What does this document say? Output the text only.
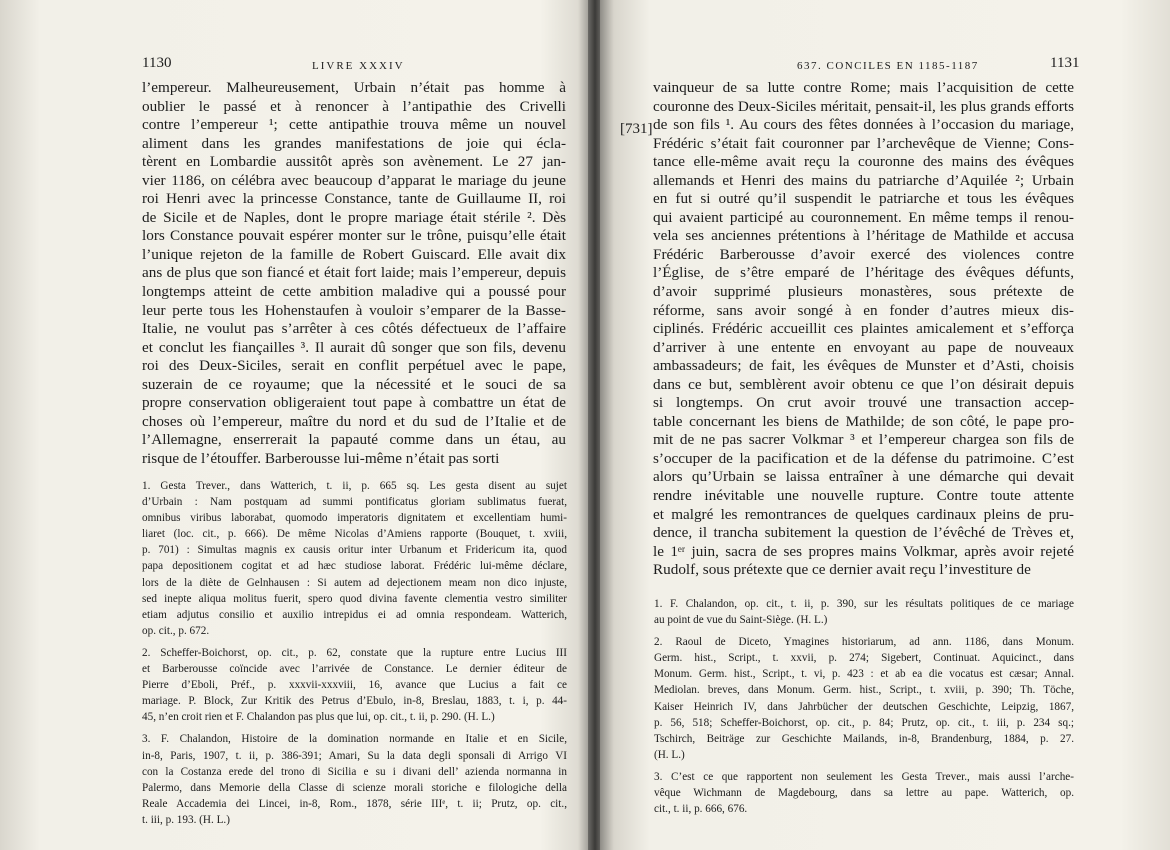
1130	LIVRE XXXIV
l’empereur. Malheureusement, Urbain n’était pas homme à
oublier le passé et à renoncer à l’antipathie des Crivelli
contre l’empereur ¹; cette antipathie trouva même un nouvel
aliment dans les grandes manifestations de joie qui écla-
tèrent en Lombardie aussitôt après son avènement. Le 27 jan-
vier 1186, on célébra avec beaucoup d’apparat le mariage du jeune
roi Henri avec la princesse Constance, tante de Guillaume II, roi
de Sicile et de Naples, dont le propre mariage était stérile ². Dès
lors Constance pouvait espérer monter sur le trône, puisqu’elle était
l’unique rejeton de la famille de Robert Guiscard. Elle avait dix
ans de plus que son fiancé et était fort laide; mais l’empereur, depuis
longtemps atteint de cette ambition maladive qui a poussé pour
leur perte tous les Hohenstaufen à vouloir s’emparer de la Basse-
Italie, ne voulut pas s’arrêter à ces côtés défectueux de l’affaire
et conclut les fiançailles ³. Il aurait dû songer que son fils, devenu
roi des Deux-Siciles, serait en conflit perpétuel avec le pape,
suzerain de ce royaume; que la nécessité et le souci de sa
propre conservation obligeraient tout pape à combattre un état de
choses où l’empereur, maître du nord et du sud de l’Italie et de
l’Allemagne, enserrerait la papauté comme dans un étau, au
risque de l’étouffer. Barberousse lui-même n’était pas sorti
1. Gesta Trever., dans Watterich, t. ii, p. 665 sq. Les gesta disent au sujet
d’Urbain : Nam postquam ad summi pontificatus gloriam sublimatus fuerat,
omnibus viribus laborabat, quomodo imperatoris dignitatem et excellentiam humi-
liaret (loc. cit., p. 666). De même Nicolas d’Amiens rapporte (Bouquet, t. xviii,
p. 701) : Simultas magnis ex causis oritur inter Urbanum et Fridericum ita, quod
papa depositionem cogitat et ad hæc studiose laborat. Frédéric lui-même déclare,
lors de la diète de Gelnhausen : Si autem ad dejectionem meam non dico injuste,
sed inepte aliqua molitus fuerit, spero quod divina favente clementia vestro similiter
etiam adjutus consilio et auxilio intrepidus ei ad omnia respondeam. Watterich,
op. cit., p. 672.
2. Scheffer-Boichorst, op. cit., p. 62, constate que la rupture entre Lucius III
et Barberousse coïncide avec l’arrivée de Constance. Le dernier éditeur de
Pierre d’Eboli, Préf., p. xxxvii-xxxviii, 16, avance que Lucius a fait ce
mariage. P. Block, Zur Kritik des Petrus d’Ebulo, in-8, Breslau, 1883, t. i, p. 44-
45, n’en croit rien et F. Chalandon pas plus que lui, op. cit., t. ii, p. 290. (H. L.)
3. F. Chalandon, Histoire de la domination normande en Italie et en Sicile,
in-8, Paris, 1907, t. ii, p. 386-391; Amari, Su la data degli sponsali di Arrigo VI
con la Costanza erede del trono di Sicilia e su i divani dell’ azienda normanna in
Palermo, dans Memorie della Classe di scienze morali storiche e filologiche della
Reale Accademia dei Lincei, in-8, Rom., 1878, série IIIᵉ, t. ii; Prutz, op. cit.,
t. iii, p. 193. (H. L.)
637. CONCILES EN 1185-1187	1131
[731]
vainqueur de sa lutte contre Rome; mais l’acquisition de cette
couronne des Deux-Siciles méritait, pensait-il, les plus grands efforts
de son fils ¹. Au cours des fêtes données à l’occasion du mariage,
Frédéric s’était fait couronner par l’archevêque de Vienne; Cons-
tance elle-même avait reçu la couronne des mains des évêques
allemands et Henri des mains du patriarche d’Aquilée ²; Urbain
en fut si outré qu’il suspendit le patriarche et tous les évêques
qui avaient participé au couronnement. En même temps il renou-
vela ses anciennes prétentions à l’héritage de Mathilde et accusa
Frédéric Barberousse d’avoir exercé des violences contre
l’Église, de s’être emparé de l’héritage des évêques défunts,
d’avoir supprimé plusieurs monastères, sous prétexte de
réforme, sans avoir songé à en fonder d’autres mieux dis-
ciplinés. Frédéric accueillit ces plaintes amicalement et s’efforça
d’arriver à une entente en envoyant au pape de nouveaux
ambassadeurs; de fait, les évêques de Munster et d’Asti, choisis
dans ce but, semblèrent avoir obtenu ce que l’on désirait depuis
si longtemps. On crut avoir trouvé une transaction accep-
table concernant les biens de Mathilde; de son côté, le pape pro-
mit de ne pas sacrer Volkmar ³ et l’empereur chargea son fils de
s’occuper de la pacification et de la défense du patrimoine. C’est
alors qu’Urbain se laissa entraîner à une démarche qui devait
rendre inévitable une nouvelle rupture. Contre toute attente
et malgré les remontrances de quelques cardinaux pleins de pru-
dence, il trancha subitement la question de l’évêché de Trèves et,
le 1ᵉʳ juin, sacra de ses propres mains Volkmar, après avoir rejeté
Rudolf, sous prétexte que ce dernier avait reçu l’investiture de
1. F. Chalandon, op. cit., t. ii, p. 390, sur les résultats politiques de ce mariage
au point de vue du Saint-Siège. (H. L.)
2. Raoul de Diceto, Ymagines historiarum, ad ann. 1186, dans Monum.
Germ. hist., Script., t. xxvii, p. 274; Sigebert, Continuat. Aquicinct., dans
Monum. Germ. hist., Script., t. vi, p. 423 : et ab ea die vocatus est cæsar; Annal.
Mediolan. breves, dans Monum. Germ. hist., Script., t. xviii, p. 390; Th. Töche,
Kaiser Heinrich IV, dans Jahrbücher der deutschen Geschichte, Leipzig, 1867,
p. 56, 518; Scheffer-Boichorst, op. cit., p. 84; Prutz, op. cit., t. iii, p. 234 sq.;
Tschirch, Beiträge zur Geschichte Mailands, in-8, Brandenburg, 1884, p. 27.
(H. L.)
3. C’est ce que rapportent non seulement les Gesta Trever., mais aussi l’arche-
vêque Wichmann de Magdebourg, dans sa lettre au pape. Watterich, op.
cit., t. ii, p. 666, 676.
